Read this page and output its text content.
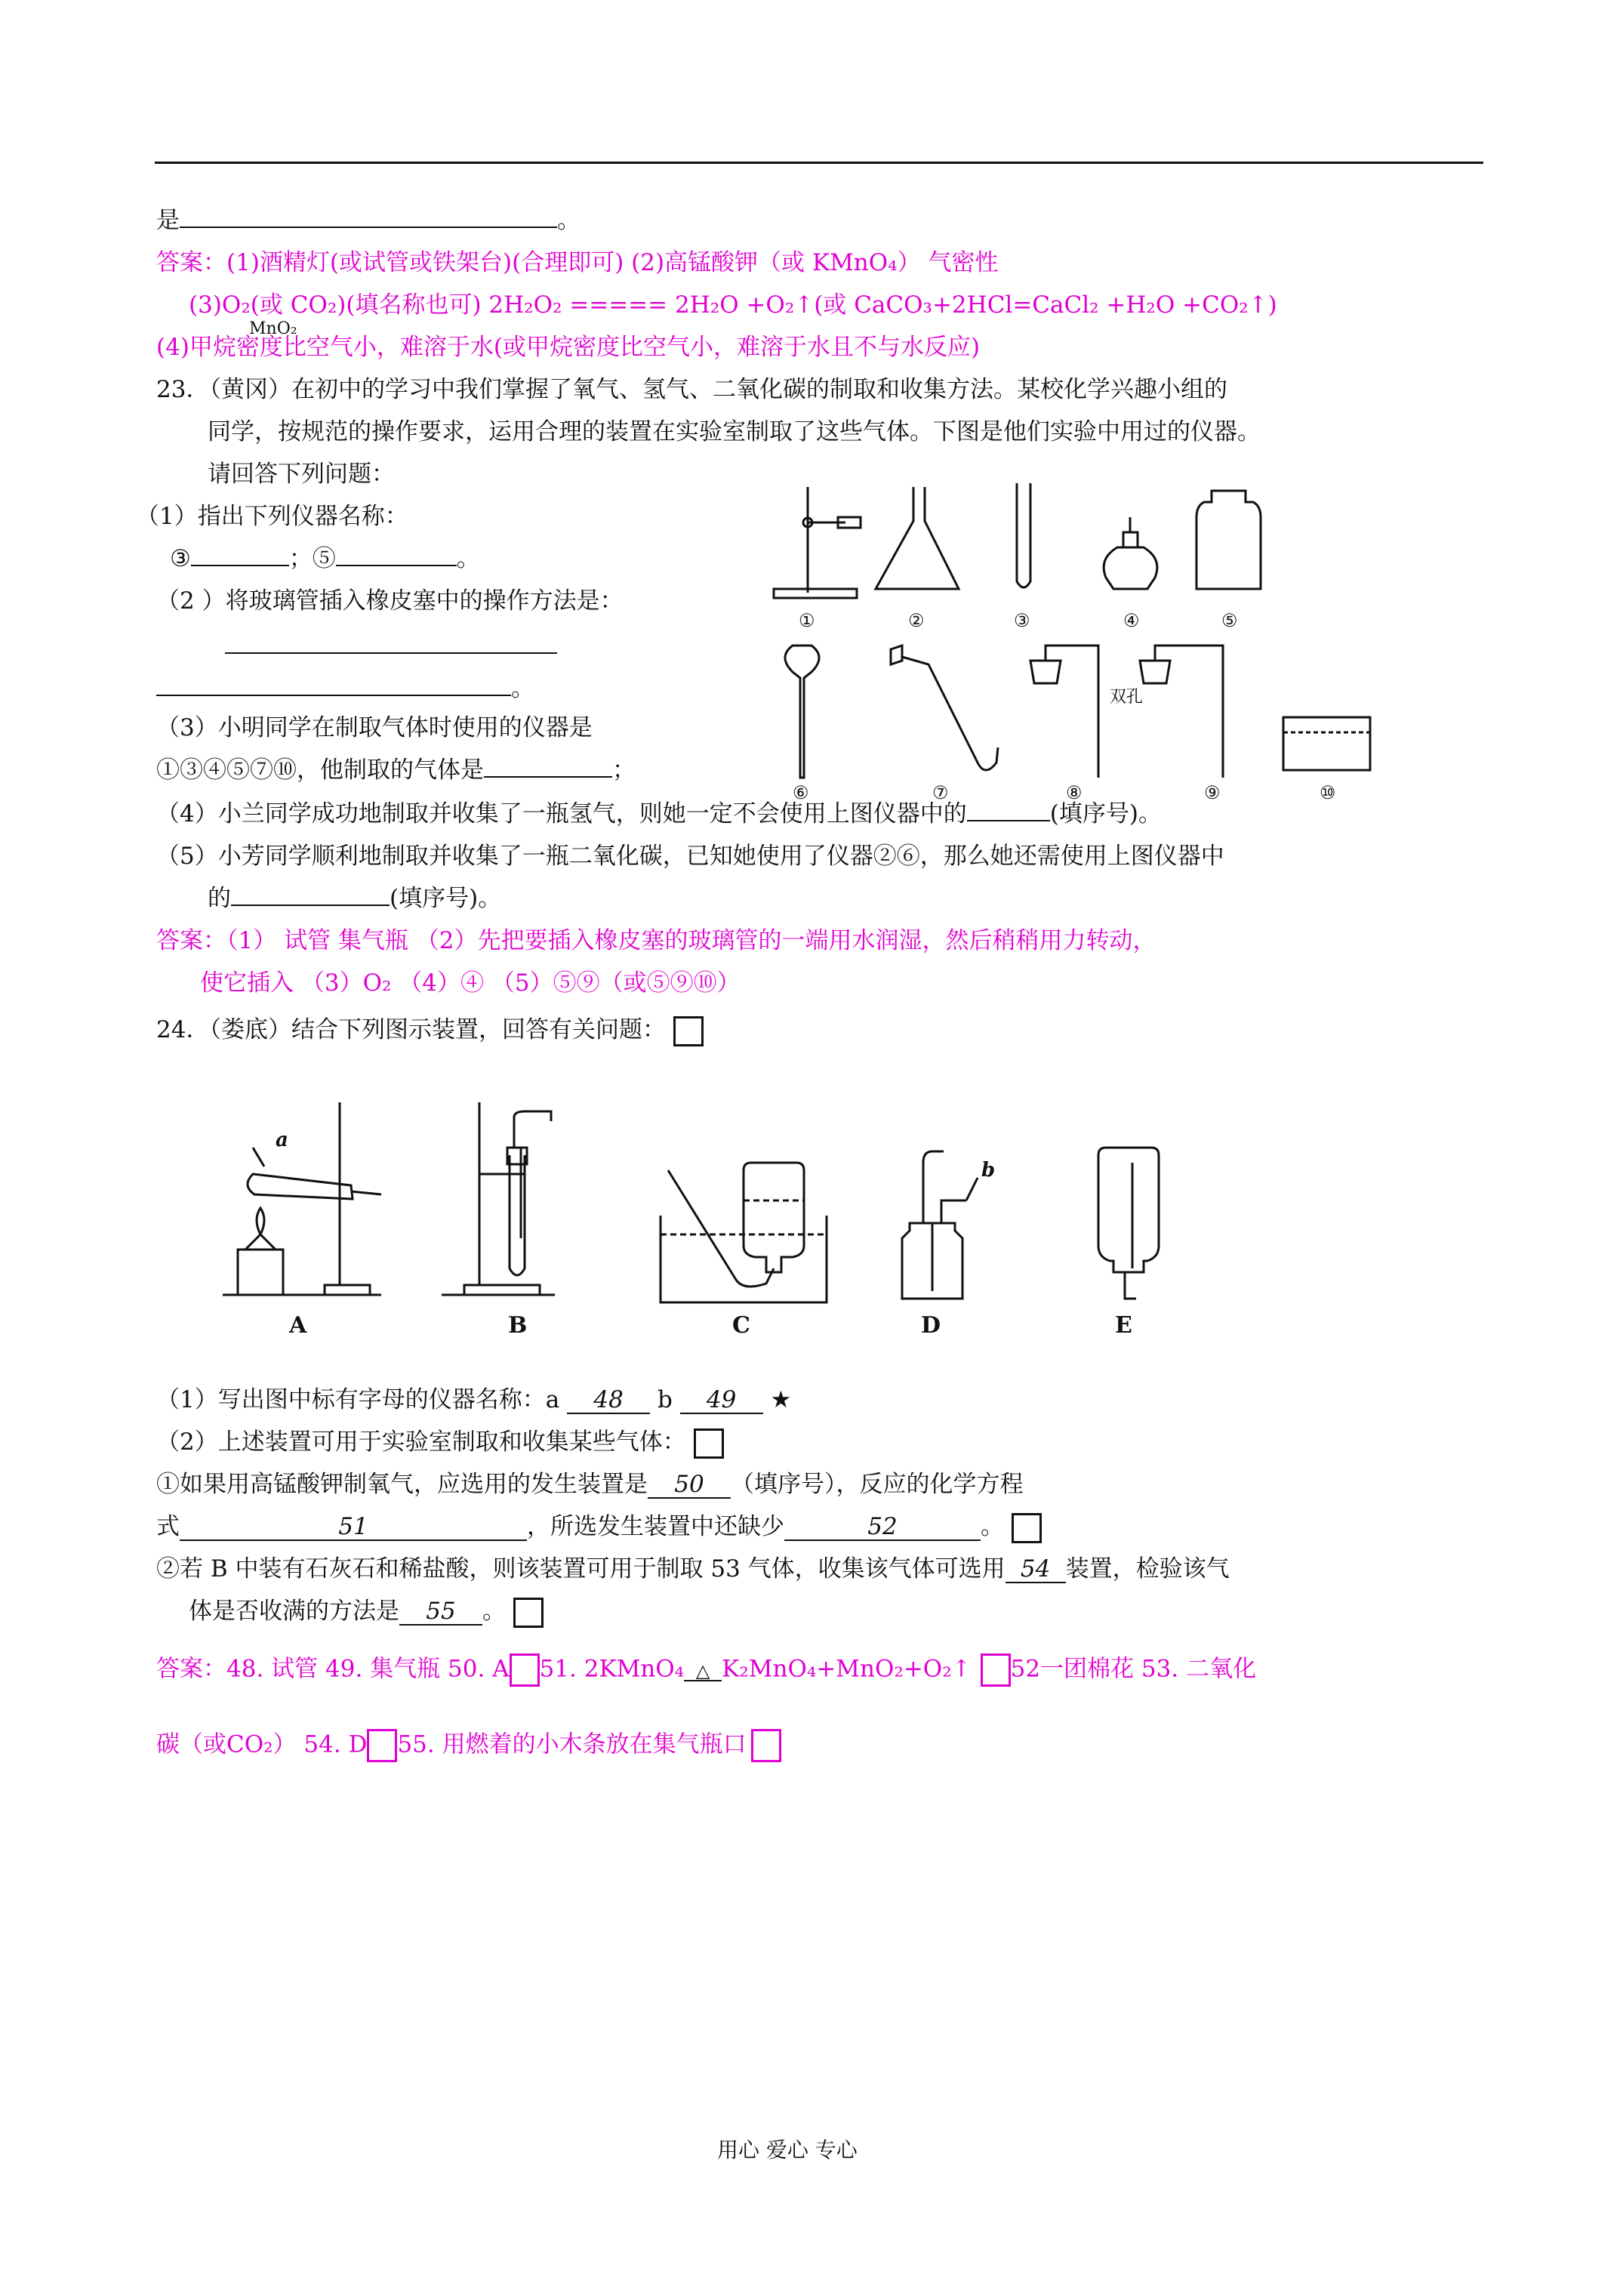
是	。
答案：(1)酒精灯(或试管或铁架台)(合理即可) (2)高锰酸钾（或 KMnO₄） 气密性
(3)O₂(或 CO₂)(填名称也可) 2H₂O₂ ===== 2H₂O +O₂↑(或 CaCO₃+2HCl=CaCl₂ +H₂O +CO₂↑)
MnO₂
(4)甲烷密度比空气小，难溶于水(或甲烷密度比空气小，难溶于水且不与水反应)
23．（黄冈）在初中的学习中我们掌握了氧气、氢气、二氧化碳的制取和收集方法。某校化学兴趣小组的
同学，按规范的操作要求，运用合理的装置在实验室制取了这些气体。下图是他们实验中用过的仪器。
请回答下列问题：
（1）指出下列仪器名称：
③	；⑤	。
（2 ）将玻璃管插入橡皮塞中的操作方法是：
。
（3）小明同学在制取气体时使用的仪器是
①③④⑤⑦⑩，他制取的气体是	；
（4）小兰同学成功地制取并收集了一瓶氢气，则她一定不会使用上图仪器中的	(填序号)。
（5）小芳同学顺利地制取并收集了一瓶二氧化碳，已知她使用了仪器②⑥，那么她还需使用上图仪器中
的	(填序号)。
答案：（1） 试管 集气瓶 （2）先把要插入橡皮塞的玻璃管的一端用水润湿，然后稍稍用力转动，
使它插入 （3）O₂ （4）④ （5）⑤⑨（或⑤⑨⑩）
①	②	③	④	⑤
⑥	⑦	⑧	⑨	⑩
双孔
24．（娄底）结合下列图示装置，回答有关问题：
A	B	C	D	E
a
b
（1）写出图中标有字母的仪器名称：a 48 b 49 ★
（2）上述装置可用于实验室制取和收集某些气体：
①如果用高锰酸钾制氧气，应选用的发生装置是 50 （填序号），反应的化学方程
式	51	，所选发生装置中还缺少	52	。
②若 B 中装有石灰石和稀盐酸，则该装置可用于制取 53 气体，收集该气体可选用 54 装置，检验该气
体是否收满的方法是 55 。
答案：48. 试管 49. 集气瓶 50. A 51. 2KMnO₄ △ K₂MnO₄+MnO₂+O₂↑ 52一团棉花 53. 二氧化
碳（或CO₂） 54. D 55. 用燃着的小木条放在集气瓶口
用心 爱心 专心
